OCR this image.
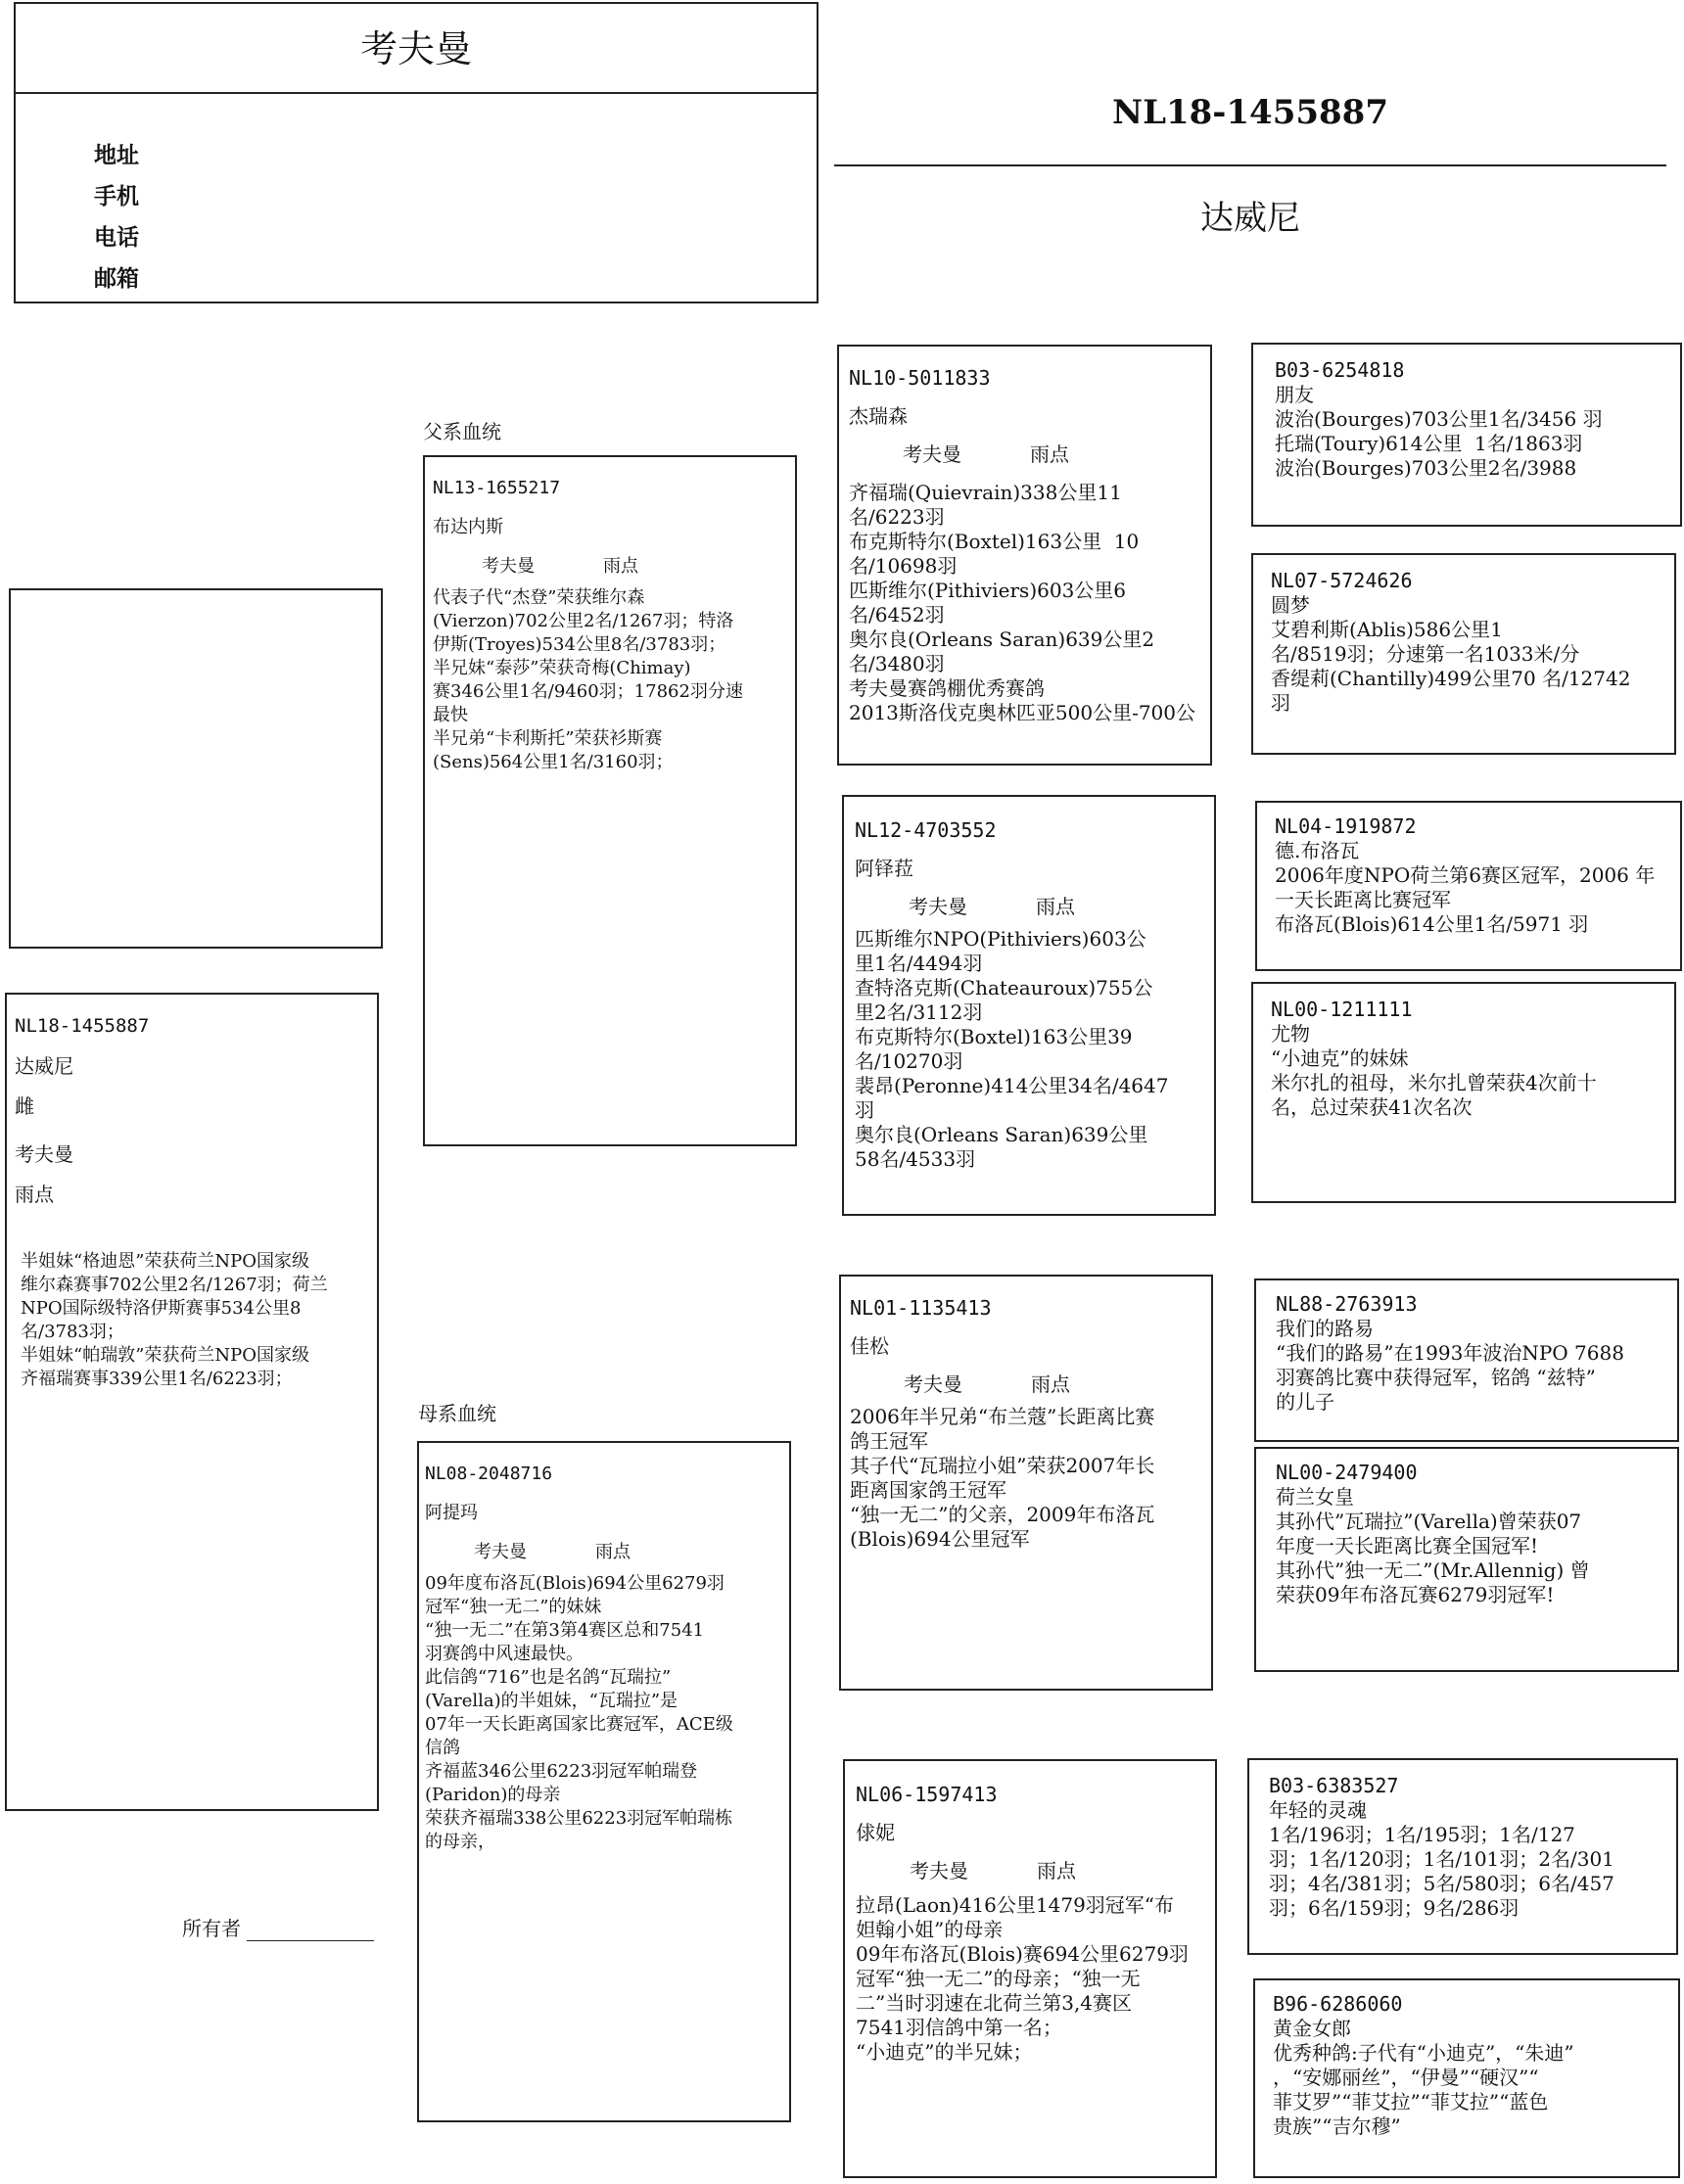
考夫曼
地址
手机
电话
邮箱
NL18-1455887
达威尼
NL18-1455887
达威尼
雌
考夫曼
雨点
半姐妹“格迪恩”荣获荷兰NPO国家级
维尔森赛事702公里2名/1267羽；荷兰
NPO国际级特洛伊斯赛事534公里8
名/3783羽；
半姐妹“帕瑞敦”荣获荷兰NPO国家级
齐福瑞赛事339公里1名/6223羽；
所有者
父系血统
母系血统
NL13-1655217
布达内斯
考夫曼	雨点
代表子代“杰登”荣获维尔森
(Vierzon)702公里2名/1267羽；特洛
伊斯(Troyes)534公里8名/3783羽；
半兄妹“泰莎”荣获奇梅(Chimay)
赛346公里1名/9460羽；17862羽分速
最快
半兄弟“卡利斯托”荣获衫斯赛
(Sens)564公里1名/3160羽；
NL08-2048716
阿提玛
考夫曼	雨点
09年度布洛瓦(Blois)694公里6279羽
冠军“独一无二”的妹妹
“独一无二”在第3第4赛区总和7541
羽赛鸽中风速最快。
此信鸽“716”也是名鸽“瓦瑞拉”
(Varella)的半姐妹，“瓦瑞拉”是
07年一天长距离国家比赛冠军，ACE级
信鸽
齐福蓝346公里6223羽冠军帕瑞登
(Paridon)的母亲
荣获齐福瑞338公里6223羽冠军帕瑞栋
的母亲，
NL10-5011833
杰瑞森
考夫曼	雨点
齐福瑞(Quievrain)338公里11
名/6223羽
布克斯特尔(Boxtel)163公里  10
名/10698羽
匹斯维尔(Pithiviers)603公里6
名/6452羽
奥尔良(Orleans Saran)639公里2
名/3480羽
考夫曼赛鸽棚优秀赛鸽
2013斯洛伐克奥林匹亚500公里-700公
NL12-4703552
阿铎菈
考夫曼	雨点
匹斯维尔NPO(Pithiviers)603公
里1名/4494羽
查特洛克斯(Chateauroux)755公
里2名/3112羽
布克斯特尔(Boxtel)163公里39
名/10270羽
裴昂(Peronne)414公里34名/4647
羽
奥尔良(Orleans Saran)639公里
58名/4533羽
NL01-1135413
佳松
考夫曼	雨点
2006年半兄弟“布兰蔻”长距离比赛
鸽王冠军
其子代“瓦瑞拉小姐”荣获2007年长
距离国家鸽王冠军
“独一无二”的父亲，2009年布洛瓦
(Blois)694公里冠军
NL06-1597413
俅妮
考夫曼	雨点
拉昂(Laon)416公里1479羽冠军“布
妲翰小姐”的母亲
09年布洛瓦(Blois)赛694公里6279羽
冠军“独一无二”的母亲；“独一无
二”当时羽速在北荷兰第3,4赛区
7541羽信鸽中第一名；
“小迪克”的半兄妹；
B03-6254818
朋友
波治(Bourges)703公里1名/3456 羽
托瑞(Toury)614公里  1名/1863羽
波治(Bourges)703公里2名/3988
NL07-5724626
圆梦
艾碧利斯(Ablis)586公里1
名/8519羽；分速第一名1033米/分
香缇莉(Chantilly)499公里70 名/12742
羽
NL04-1919872
德.布洛瓦
2006年度NPO荷兰第6赛区冠军，2006 年
一天长距离比赛冠军
布洛瓦(Blois)614公里1名/5971 羽
NL00-1211111
尤物
“小迪克”的妹妹
米尔扎的祖母，米尔扎曾荣获4次前十
名，总过荣获41次名次
NL88-2763913
我们的路易
“我们的路易”在1993年波治NPO 7688
羽赛鸽比赛中获得冠军，铭鸽 “兹特”
的儿子
NL00-2479400
荷兰女皇
其孙代”瓦瑞拉”(Varella)曾荣获07
年度一天长距离比赛全国冠军!
其孙代”独一无二”(Mr.Allennig) 曾
荣获09年布洛瓦赛6279羽冠军!
B03-6383527
年轻的灵魂
1名/196羽；1名/195羽；1名/127
羽；1名/120羽；1名/101羽；2名/301
羽；4名/381羽；5名/580羽；6名/457
羽；6名/159羽；9名/286羽
B96-6286060
黄金女郎
优秀种鸽:子代有“小迪克”，“朱迪”
，“安娜丽丝”，“伊曼”“硬汉”“
菲艾罗”“菲艾拉”“菲艾拉”“蓝色
贵族”“吉尔穆”
